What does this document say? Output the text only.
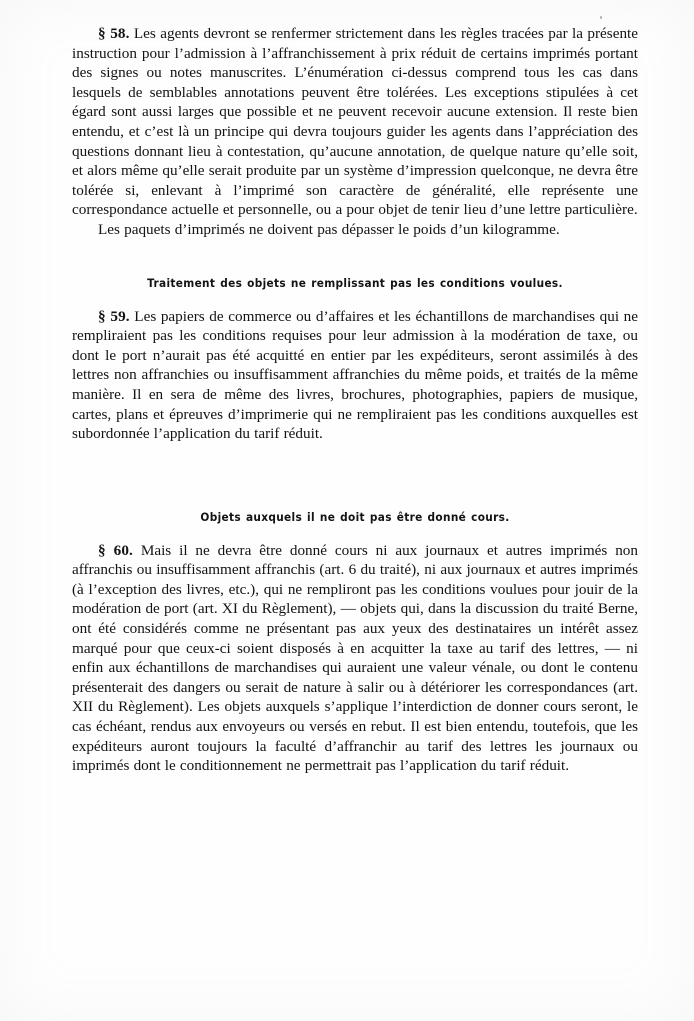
§ 58. Les agents devront se renfermer strictement dans les règles tracées par la présente instruction pour l’admission à l’affranchissement à prix réduit de certains imprimés portant des signes ou notes manuscrites. L’énumération ci-dessus comprend tous les cas dans lesquels de semblables annotations peuvent être tolérées. Les exceptions stipulées à cet égard sont aussi larges que possible et ne peuvent recevoir aucune extension. Il reste bien entendu, et c’est là un principe qui devra toujours guider les agents dans l’appréciation des questions donnant lieu à contestation, qu’aucune annotation, de quelque nature qu’elle soit, et alors même qu’elle serait produite par un système d’impression quelconque, ne devra être tolérée si, enlevant à l’imprimé son caractère de généralité, elle représente une correspondance actuelle et personnelle, ou a pour objet de tenir lieu d’une lettre particulière.

Les paquets d’imprimés ne doivent pas dépasser le poids d’un kilogramme.

Traitement des objets ne remplissant pas les conditions voulues.

§ 59. Les papiers de commerce ou d’affaires et les échantillons de marchandises qui ne rempliraient pas les conditions requises pour leur admission à la modération de taxe, ou dont le port n’aurait pas été acquitté en entier par les expéditeurs, seront assimilés à des lettres non affranchies ou insuffisamment affranchies du même poids, et traités de la même manière. Il en sera de même des livres, brochures, photographies, papiers de musique, cartes, plans et épreuves d’imprimerie qui ne rempliraient pas les conditions auxquelles est subordonnée l’application du tarif réduit.

Objets auxquels il ne doit pas être donné cours.

§ 60. Mais il ne devra être donné cours ni aux journaux et autres imprimés non affranchis ou insuffisamment affranchis (art. 6 du traité), ni aux journaux et autres imprimés (à l’exception des livres, etc.), qui ne rempliront pas les conditions voulues pour jouir de la modération de port (art. XI du Règlement), — objets qui, dans la discussion du traité Berne, ont été considérés comme ne présentant pas aux yeux des destinataires un intérêt assez marqué pour que ceux-ci soient disposés à en acquitter la taxe au tarif des lettres, — ni enfin aux échantillons de marchandises qui auraient une valeur vénale, ou dont le contenu présenterait des dangers ou serait de nature à salir ou à détériorer les correspondances (art. XII du Règlement). Les objets auxquels s’applique l’interdiction de donner cours seront, le cas échéant, rendus aux envoyeurs ou versés en rebut. Il est bien entendu, toutefois, que les expéditeurs auront toujours la faculté d’affranchir au tarif des lettres les journaux ou imprimés dont le conditionnement ne permettrait pas l’application du tarif réduit.
